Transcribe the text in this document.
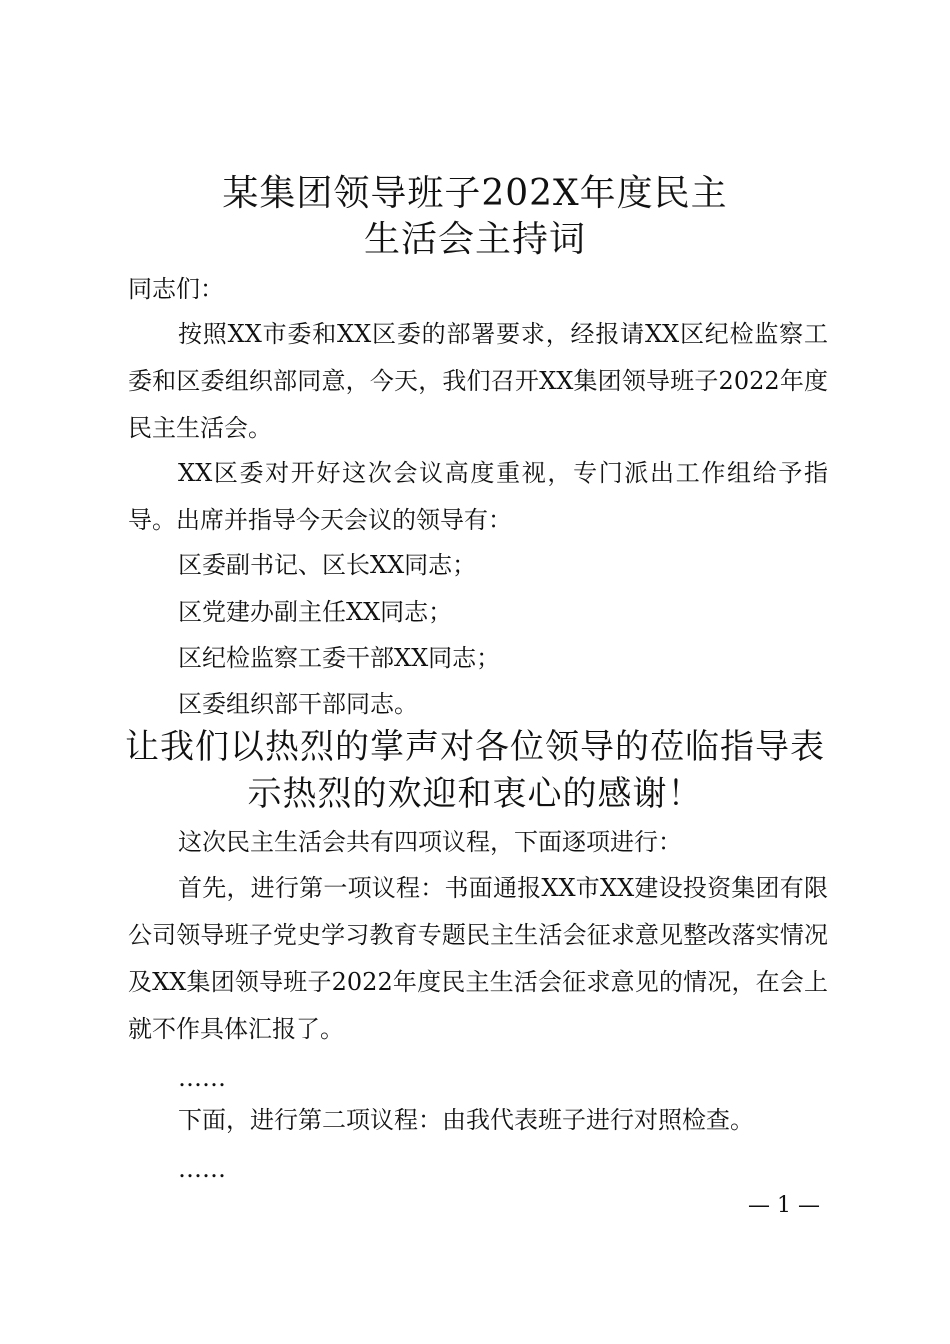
某集团领导班子202X年度民主
生活会主持词

同志们：

按照XX市委和XX区委的部署要求，经报请XX区纪检监察工委和区委组织部同意，今天，我们召开XX集团领导班子2022年度民主生活会。

XX区委对开好这次会议高度重视，专门派出工作组给予指导。出席并指导今天会议的领导有：

区委副书记、区长XX同志；

区党建办副主任XX同志；

区纪检监察工委干部XX同志；

区委组织部干部同志。

让我们以热烈的掌声对各位领导的莅临指导表

示热烈的欢迎和衷心的感谢！

这次民主生活会共有四项议程，下面逐项进行：

首先，进行第一项议程：书面通报XX市XX建设投资集团有限公司领导班子党史学习教育专题民主生活会征求意见整改落实情况及XX集团领导班子2022年度民主生活会征求意见的情况，在会上就不作具体汇报了。

……

下面，进行第二项议程：由我代表班子进行对照检查。

……

— 1 —
